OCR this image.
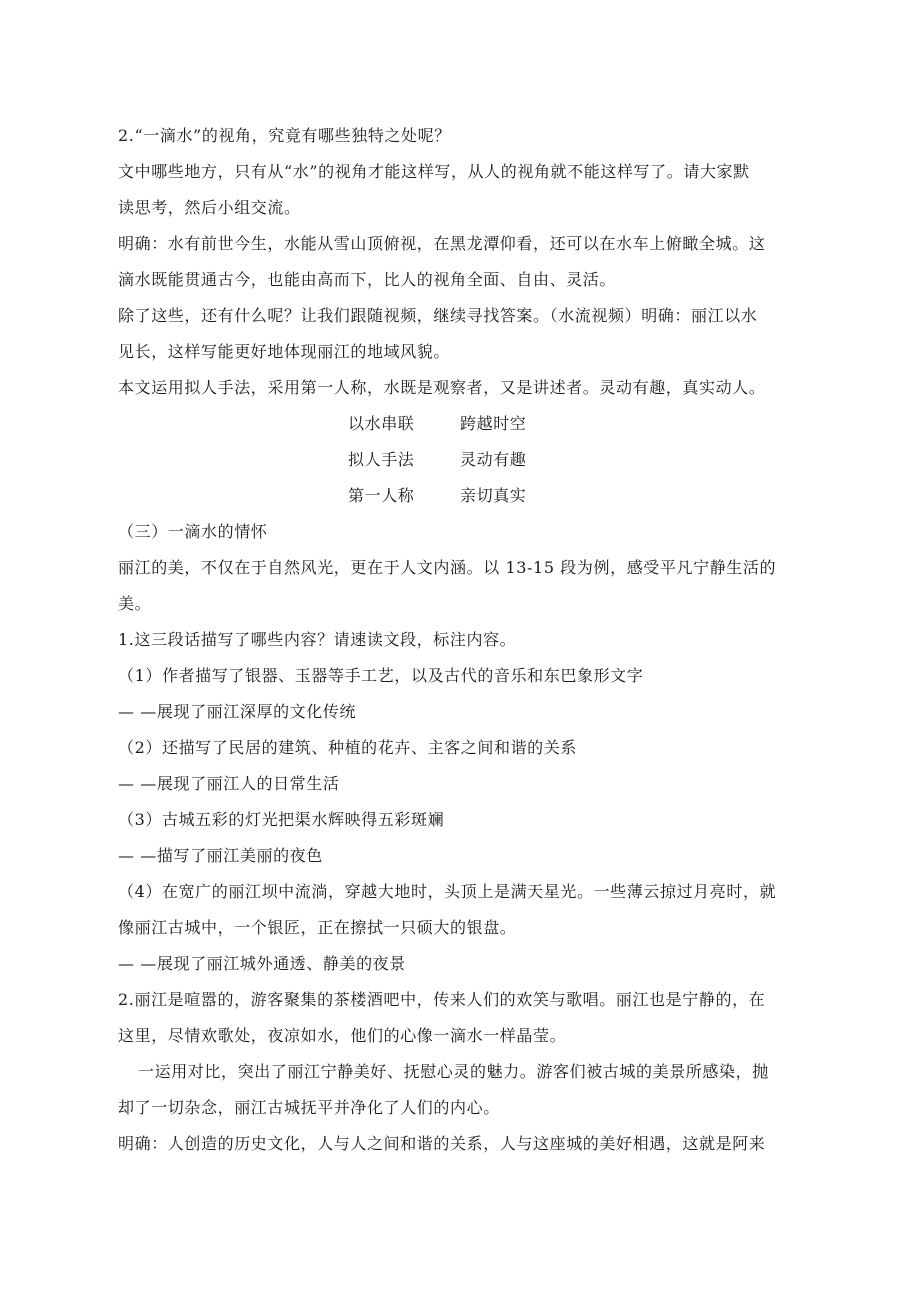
2.“一滴水”的视角，究竟有哪些独特之处呢？
文中哪些地方，只有从“水”的视角才能这样写，从人的视角就不能这样写了。请大家默
读思考，然后小组交流。
明确：水有前世今生，水能从雪山顶俯视，在黑龙潭仰看，还可以在水车上俯瞰全城。这
滴水既能贯通古今，也能由高而下，比人的视角全面、自由、灵活。
除了这些，还有什么呢？让我们跟随视频，继续寻找答案。（水流视频）明确：丽江以水
见长，这样写能更好地体现丽江的地域风貌。
本文运用拟人手法，采用第一人称，水既是观察者，又是讲述者。灵动有趣，真实动人。
以水串联	跨越时空
拟人手法	灵动有趣
第一人称	亲切真实
（三）一滴水的情怀
丽江的美，不仅在于自然风光，更在于人文内涵。以 13-15 段为例，感受平凡宁静生活的
美。
1.这三段话描写了哪些内容？请速读文段，标注内容。
（1）作者描写了银器、玉器等手工艺，以及古代的音乐和东巴象形文字
— —展现了丽江深厚的文化传统
（2）还描写了民居的建筑、种植的花卉、主客之间和谐的关系
— —展现了丽江人的日常生活
（3）古城五彩的灯光把渠水辉映得五彩斑斓
— —描写了丽江美丽的夜色
（4）在宽广的丽江坝中流淌，穿越大地时，头顶上是满天星光。一些薄云掠过月亮时，就
像丽江古城中，一个银匠，正在擦拭一只硕大的银盘。
— —展现了丽江城外通透、静美的夜景
2.丽江是喧嚣的，游客聚集的茶楼酒吧中，传来人们的欢笑与歌唱。丽江也是宁静的，在
这里，尽情欢歌处，夜凉如水，他们的心像一滴水一样晶莹。
一运用对比，突出了丽江宁静美好、抚慰心灵的魅力。游客们被古城的美景所感染，抛
却了一切杂念，丽江古城抚平并净化了人们的内心。
明确：人创造的历史文化，人与人之间和谐的关系，人与这座城的美好相遇，这就是阿来
